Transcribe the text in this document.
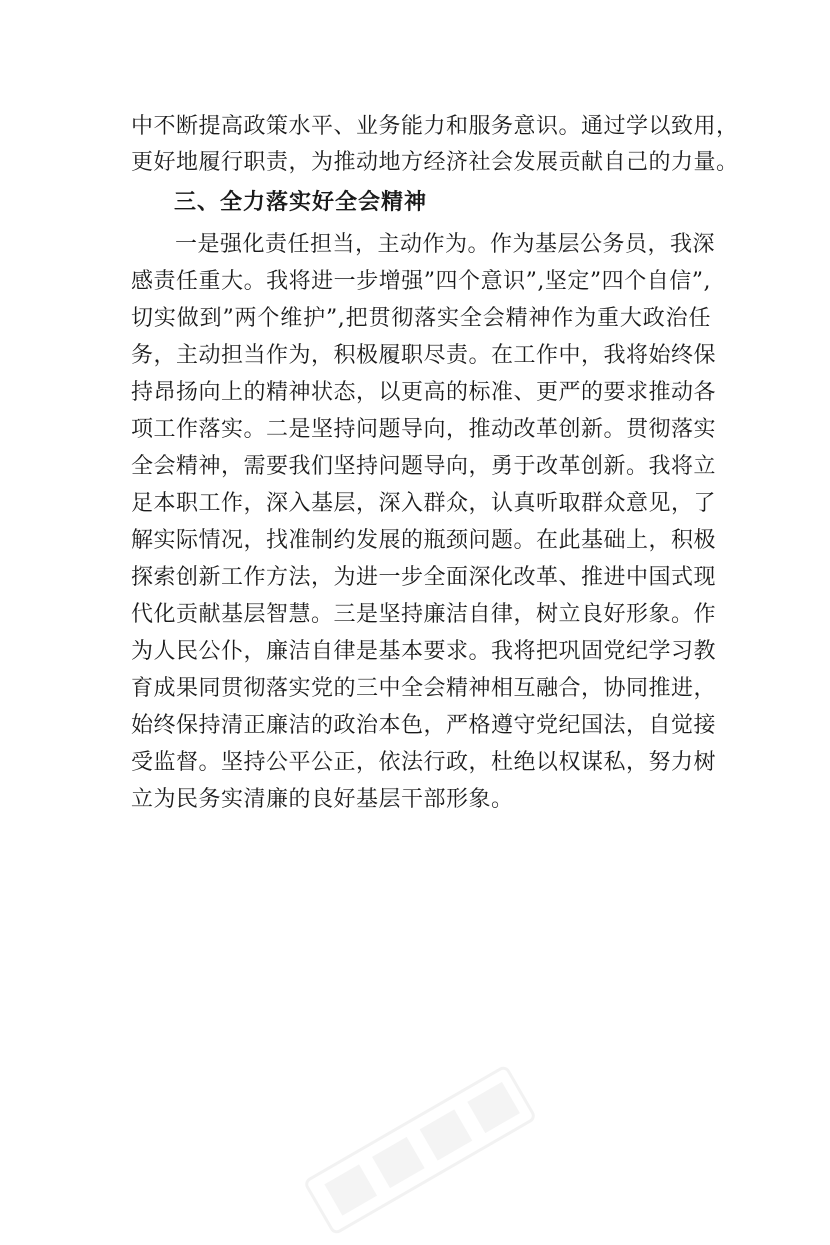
中不断提高政策水平、业务能力和服务意识。通过学以致用，
更好地履行职责，为推动地方经济社会发展贡献自己的力量。
三、全力落实好全会精神
一是强化责任担当，主动作为。作为基层公务员，我深
感责任重大。我将进一步增强”四个意识”,坚定”四个自信”,
切实做到”两个维护”,把贯彻落实全会精神作为重大政治任
务，主动担当作为，积极履职尽责。在工作中，我将始终保
持昂扬向上的精神状态，以更高的标准、更严的要求推动各
项工作落实。二是坚持问题导向，推动改革创新。贯彻落实
全会精神，需要我们坚持问题导向，勇于改革创新。我将立
足本职工作，深入基层，深入群众，认真听取群众意见，了
解实际情况，找准制约发展的瓶颈问题。在此基础上，积极
探索创新工作方法，为进一步全面深化改革、推进中国式现
代化贡献基层智慧。三是坚持廉洁自律，树立良好形象。作
为人民公仆，廉洁自律是基本要求。我将把巩固党纪学习教
育成果同贯彻落实党的三中全会精神相互融合，协同推进，
始终保持清正廉洁的政治本色，严格遵守党纪国法，自觉接
受监督。坚持公平公正，依法行政，杜绝以权谋私，努力树
立为民务实清廉的良好基层干部形象。
